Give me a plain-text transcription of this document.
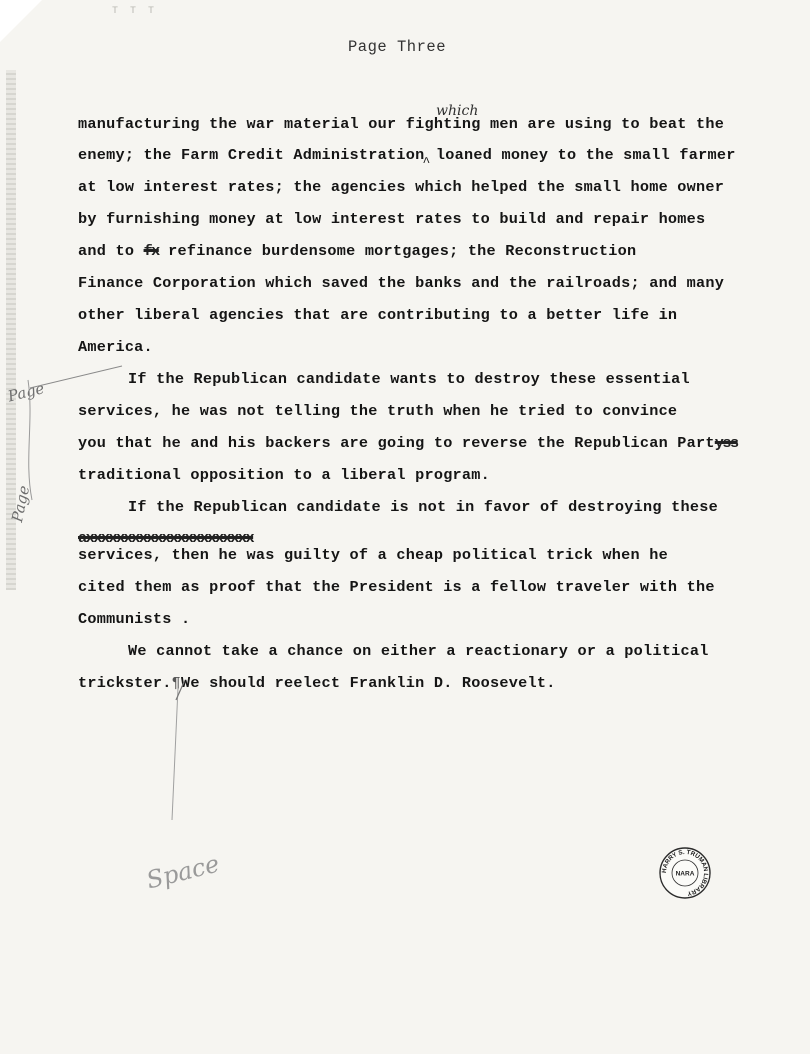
T T T
Page Three
which
manufacturing the war material our fighting men are using to beat the
enemy; the Farm Credit Administration^ loaned money to the small farmer
at low interest rates; the agencies which helped the small home owner
by furnishing money at low interest rates to build and repair homes
and to fx refinance burdensome mortgages; the Reconstruction
Finance Corporation which saved the banks and the railroads; and many
other liberal agencies that are contributing to a better life in
America.
If the Republican candidate wants to destroy these essential
services, he was not telling the truth when he tried to convince
you that he and his backers are going to reverse the Republican Partyss
traditional opposition to a liberal program.
If the Republican candidate is not in favor of destroying these
axxxxxxxxxxxxxxxxxxxxxx
services, then he was guilty of a cheap political trick when he
cited them as proof that the President is a fellow traveler with the
Communists .
We cannot take a chance on either a reactionary or a political
trickster.¶We should reelect Franklin D. Roosevelt.
Page
Page
Space	HARRY S. TRUMAN LIBRARY
NARA
